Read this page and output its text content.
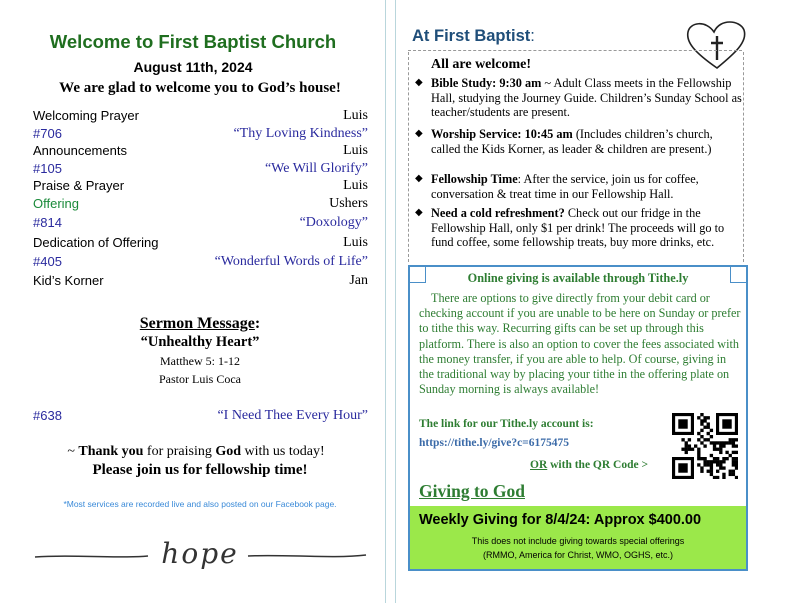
Welcome to First Baptist Church
August 11th, 2024
We are glad to welcome you to God’s house!
Welcoming Prayer	Luis
#706	“Thy Loving Kindness”
Announcements	Luis
#105	“We Will Glorify”
Praise & Prayer	Luis
Offering	Ushers
#814	“Doxology”
Dedication of Offering	Luis
#405	“Wonderful Words of Life”
Kid’s Korner	Jan
Sermon Message:
“Unhealthy Heart”
Matthew 5: 1-12
Pastor Luis Coca
#638	“I Need Thee Every Hour”
~ Thank you for praising God with us today!
Please join us for fellowship time!
*Most services are recorded live and also posted on our Facebook page.
hope
At First Baptist:
All are welcome!
◆ Bible Study: 9:30 am ~ Adult Class meets in the Fellowship Hall, studying the Journey Guide. Children’s Sunday School as teacher/students are present.
◆ Worship Service: 10:45 am (Includes children’s church, called the Kids Korner, as leader & children are present.)
◆ Fellowship Time: After the service, join us for coffee, conversation & treat time in our Fellowship Hall.
◆ Need a cold refreshment? Check out our fridge in the Fellowship Hall, only $1 per drink! The proceeds will go to fund coffee, some fellowship treats, buy more drinks, etc.
Online giving is available through Tithe.ly
There are options to give directly from your debit card or checking account if you are unable to be here on Sunday or prefer to tithe this way. Recurring gifts can be set up through this platform. There is also an option to cover the fees associated with the money transfer, if you are able to help. Of course, giving in the traditional way by placing your tithe in the offering plate on Sunday morning is always available!
The link for our Tithe.ly account is:
https://tithe.ly/give?c=6175475
OR with the QR Code >
Giving to God
Weekly Giving for 8/4/24: Approx $400.00
This does not include giving towards special offerings
(RMMO, America for Christ, WMO, OGHS, etc.)
